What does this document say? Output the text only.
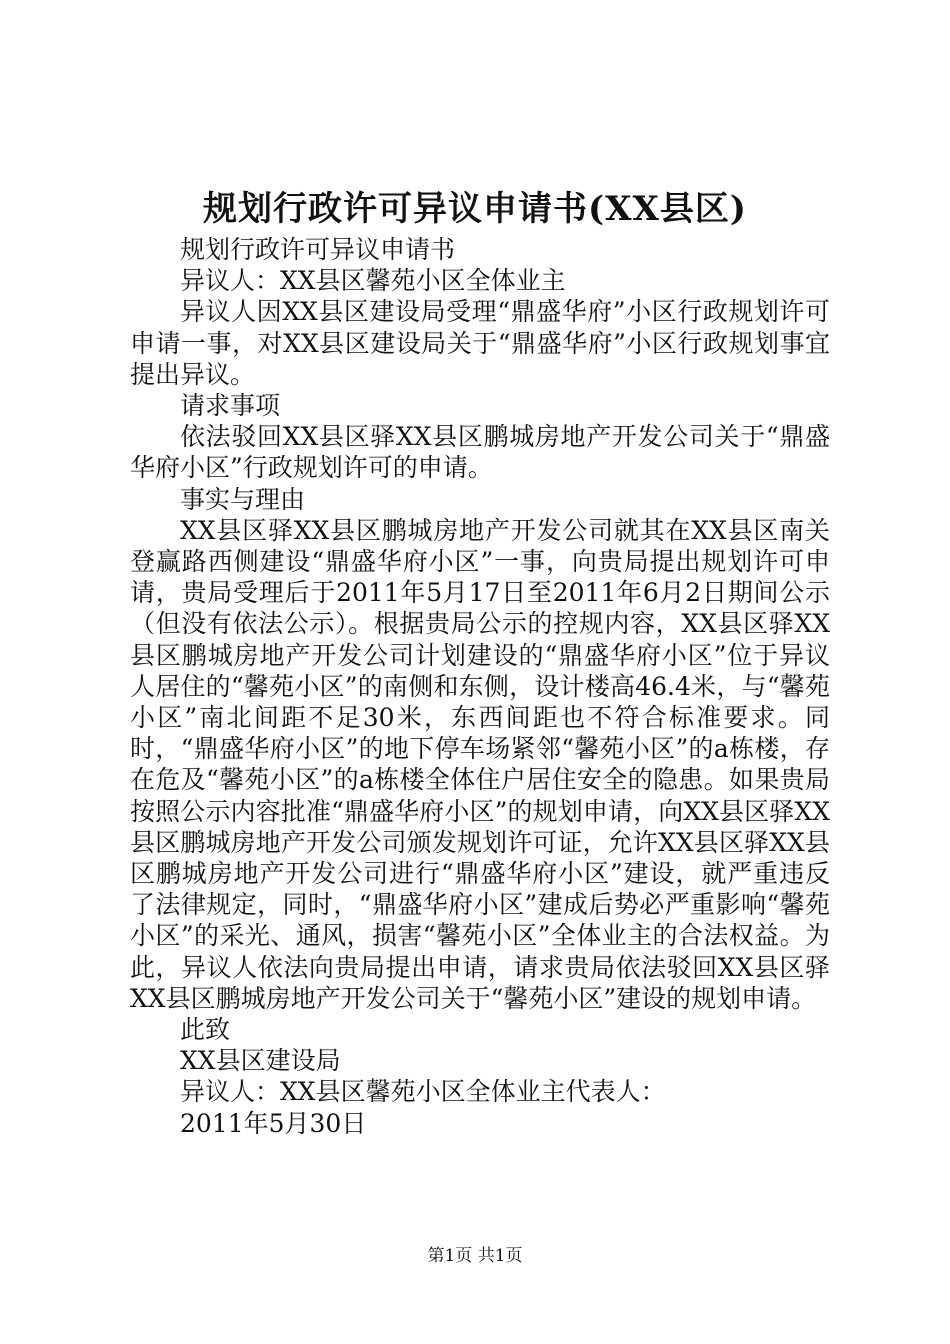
规划行政许可异议申请书(XX县区)

规划行政许可异议申请书

异议人：XX县区馨苑小区全体业主

异议人因XX县区建设局受理“鼎盛华府”小区行政规划许可申请一事，对XX县区建设局关于“鼎盛华府”小区行政规划事宜提出异议。

请求事项

依法驳回XX县区驿XX县区鹏城房地产开发公司关于“鼎盛华府小区”行政规划许可的申请。

事实与理由

XX县区驿XX县区鹏城房地产开发公司就其在XX县区南关登赢路西侧建设“鼎盛华府小区”一事，向贵局提出规划许可申请，贵局受理后于2011年5月17日至2011年6月2日期间公示（但没有依法公示）。根据贵局公示的控规内容，XX县区驿XX县区鹏城房地产开发公司计划建设的“鼎盛华府小区”位于异议人居住的“馨苑小区”的南侧和东侧，设计楼高46.4米，与“馨苑小区”南北间距不足30米，东西间距也不符合标准要求。同时，“鼎盛华府小区”的地下停车场紧邻“馨苑小区”的a栋楼，存在危及“馨苑小区”的a栋楼全体住户居住安全的隐患。如果贵局按照公示内容批准“鼎盛华府小区”的规划申请，向XX县区驿XX县区鹏城房地产开发公司颁发规划许可证，允许XX县区驿XX县区鹏城房地产开发公司进行“鼎盛华府小区”建设，就严重违反了法律规定，同时，“鼎盛华府小区”建成后势必严重影响“馨苑小区”的采光、通风，损害“馨苑小区”全体业主的合法权益。为此，异议人依法向贵局提出申请，请求贵局依法驳回XX县区驿XX县区鹏城房地产开发公司关于“馨苑小区”建设的规划申请。

此致

XX县区建设局

异议人：XX县区馨苑小区全体业主代表人：

2011年5月30日

第1页 共1页
